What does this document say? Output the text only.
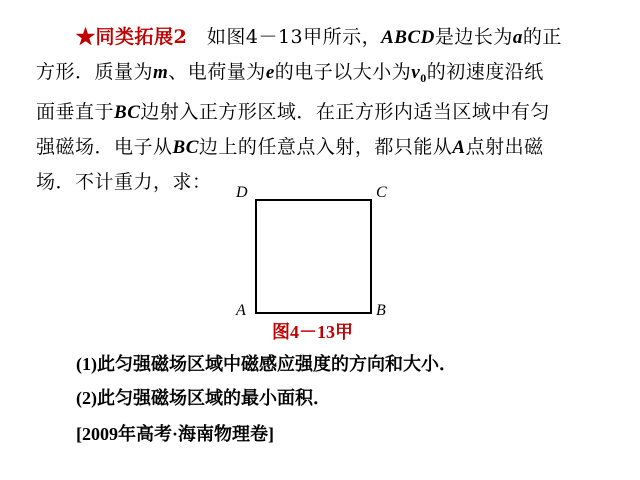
★同类拓展2 如图4－13甲所示，ABCD是边长为a的正
方形．质量为m、电荷量为e的电子以大小为$v_0$的初速度沿纸
面垂直于BC边射入正方形区域．在正方形内适当区域中有匀
强磁场．电子从BC边上的任意点入射，都只能从A点射出磁
场．不计重力，求：	D	C
A	B
图4－13甲
(1)此匀强磁场区域中磁感应强度的方向和大小．
(2)此匀强磁场区域的最小面积．
[2009年高考·海南物理卷]
